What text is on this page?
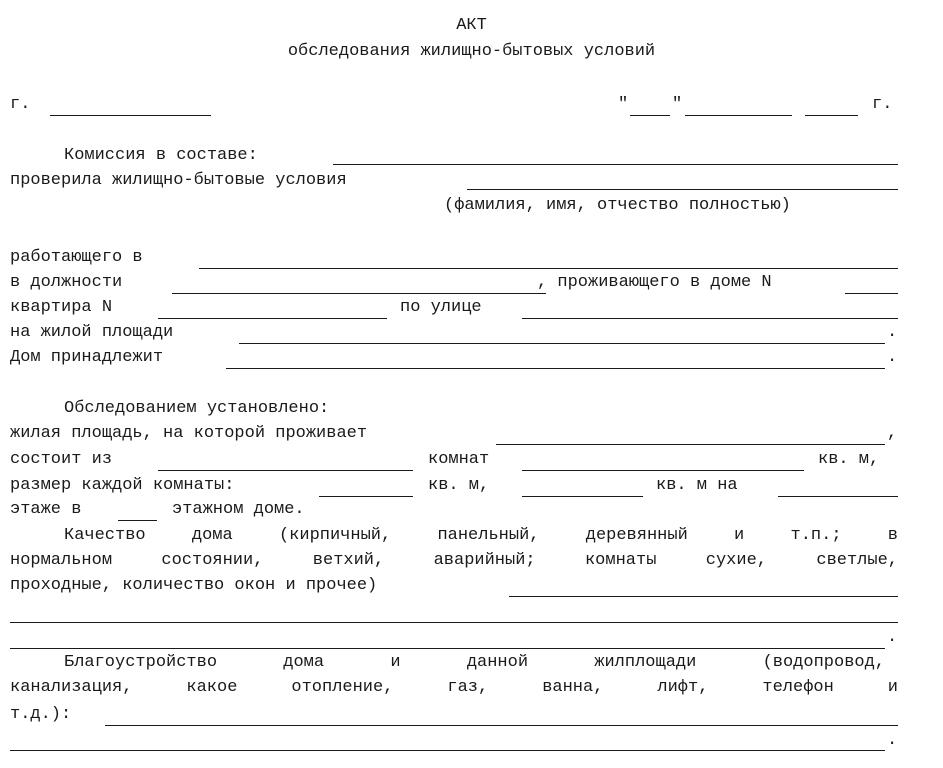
АКТ
обследования жилищно-бытовых условий
г.	"	"	г.
Комиссия в составе:
проверила жилищно-бытовые условия
(фамилия, имя, отчество полностью)
работающего в
в должности	, проживающего в доме N
квартира N	по улице
на жилой площади	.
Дом принадлежит	.
Обследованием установлено:
жилая площадь, на которой проживает	,
состоит из	комнат	кв. м,
размер каждой комнаты:	кв. м,	кв. м на
этаже в	этажном доме.
Качество	дома	(кирпичный,	панельный,	деревянный	и	т.п.;	в
нормальном	состоянии,	ветхий,	аварийный;	комнаты	сухие,	светлые,
проходные, количество окон и прочее)
.
Благоустройство	дома	и	данной	жилплощади	(водопровод,
канализация,	какое	отопление,	газ,	ванна,	лифт,	телефон	и
т.д.):
.
